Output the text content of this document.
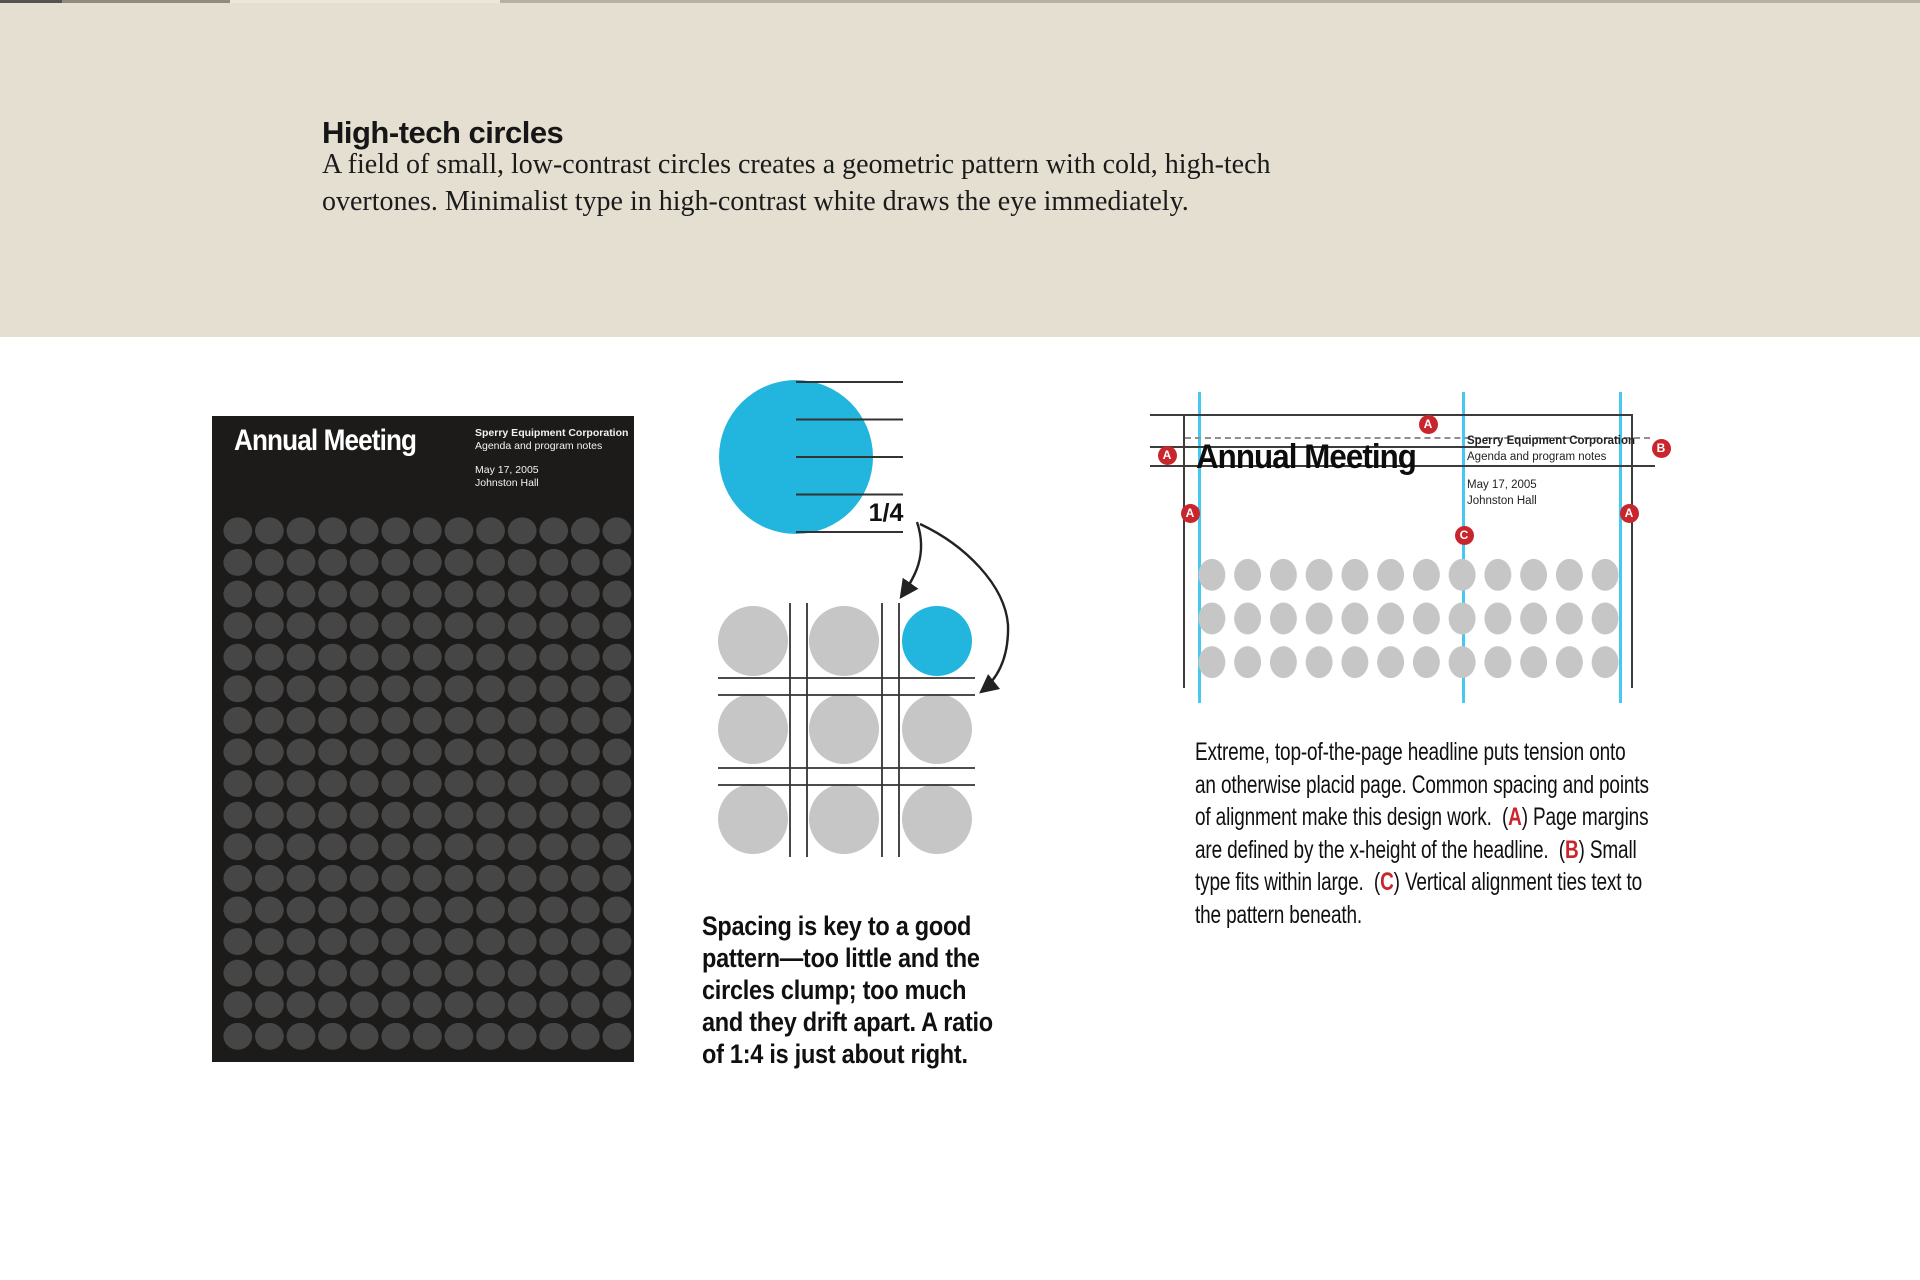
High-tech circles
A field of small, low-contrast circles creates a geometric pattern with cold, high-tech
overtones. Minimalist type in high-contrast white draws the eye immediately.
Annual Meeting	Sperry Equipment Corporation
Agenda and program notes
May 17, 2005
Johnston Hall
1/4
Spacing is key to a good
pattern—too little and the
circles clump; too much
and they drift apart. A ratio
of 1:4 is just about right.
Annual Meeting	Sperry Equipment Corporation
Agenda and program notes
May 17, 2005
Johnston Hall
A
A
B
A	A
C
Extreme, top-of-the-page headline puts tension onto
an otherwise placid page. Common spacing and points
of alignment make this design work.  (A) Page margins
are defined by the x-height of the headline.  (B) Small
type fits within large.  (C) Vertical alignment ties text to
the pattern beneath.
